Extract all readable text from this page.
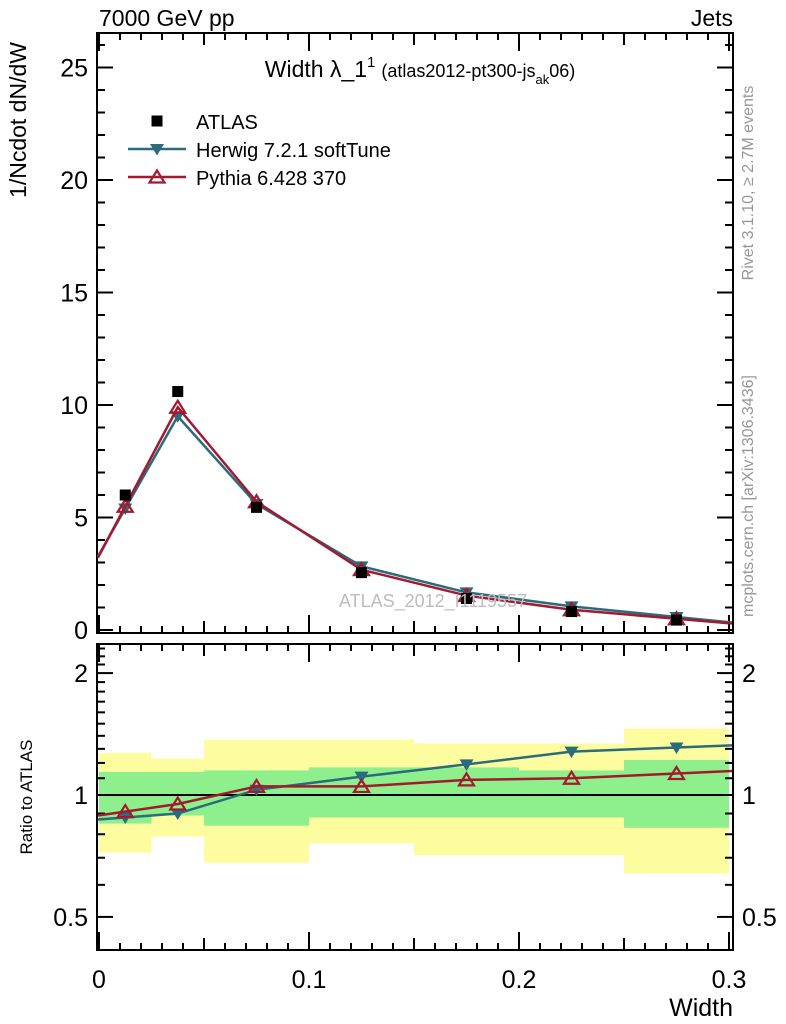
0
5
10
15
20
25
0.5	0.5
1	1
2	2
0	0.1	0.2	0.3
7000 GeV pp	Jets
Width λ_11 $(atlas2012-pt300-js_{ak}06)$
1/Ncdot dN/dW
Ratio to ATLAS
Width
ATLAS_2012_I1119557
Rivet 3.1.10, ≥ 2.7M events
mcplots.cern.ch [arXiv:1306.3436]
ATLAS
Herwig 7.2.1 softTune
Pythia 6.428 370
